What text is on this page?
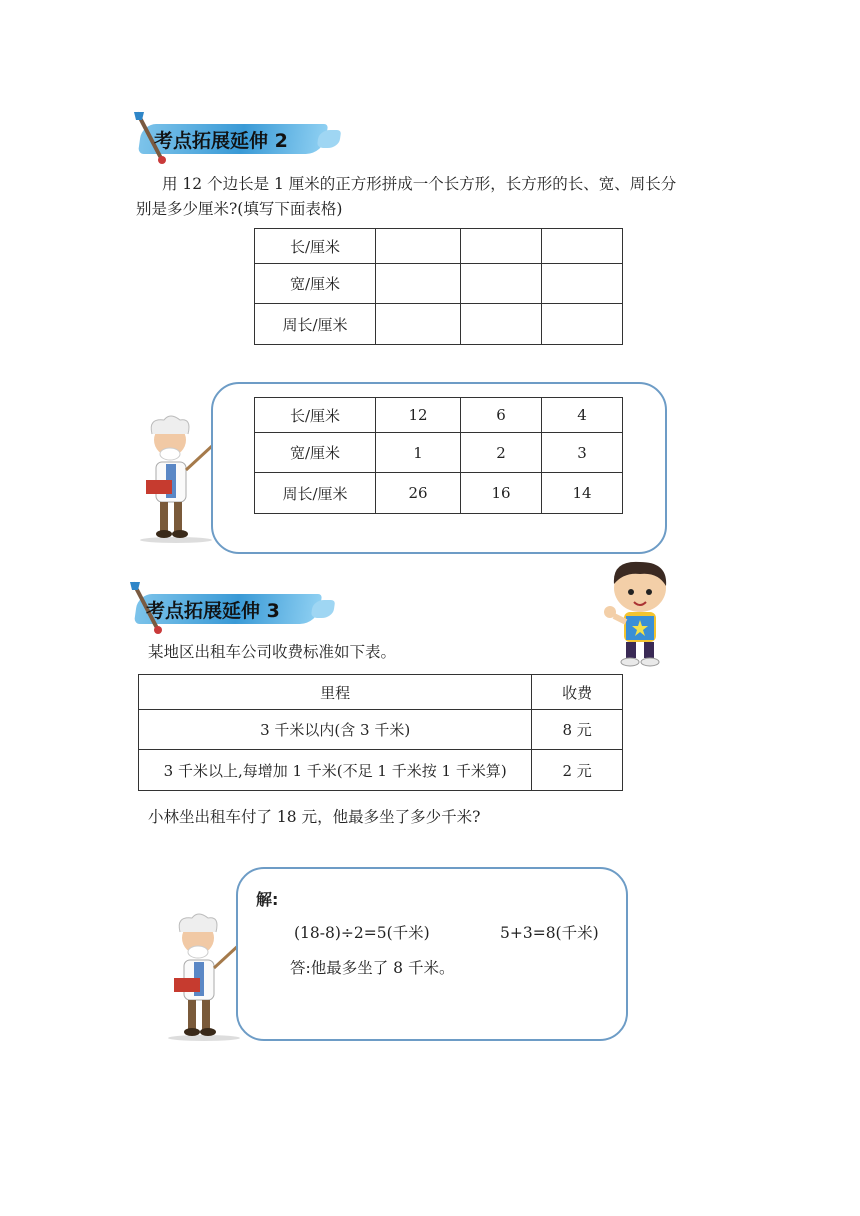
考点拓展延伸 2
用 12 个边长是 1 厘米的正方形拼成一个长方形，长方形的长、宽、周长分
别是多少厘米?(填写下面表格)
长/厘米			
宽/厘米			
周长/厘米			
长/厘米	12	6	4
宽/厘米	1	2	3
周长/厘米	26	16	14
考点拓展延伸 3
某地区出租车公司收费标准如下表。
里程	收费
3 千米以内(含 3 千米)	8 元
3 千米以上,每增加 1 千米(不足 1 千米按 1 千米算)	2 元
小林坐出租车付了 18 元，他最多坐了多少千米?
解:
(18-8)÷2=5(千米)	5+3=8(千米)
答:他最多坐了 8 千米。
